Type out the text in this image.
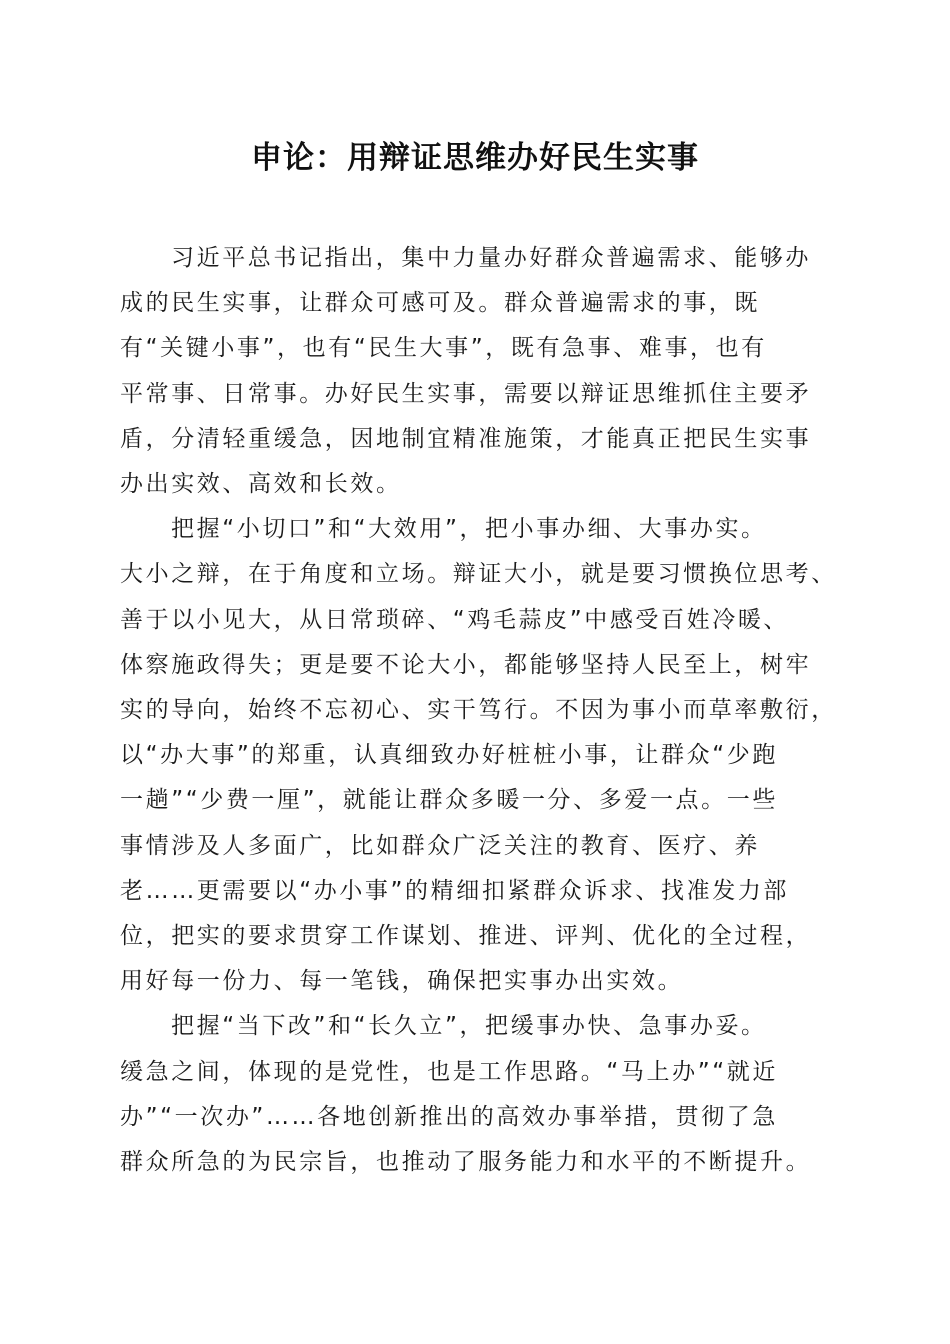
申论：用辩证思维办好民生实事

习近平总书记指出，集中力量办好群众普遍需求、能够办
成的民生实事，让群众可感可及。群众普遍需求的事，既
有“关键小事”，也有“民生大事”，既有急事、难事，也有
平常事、日常事。办好民生实事，需要以辩证思维抓住主要矛
盾，分清轻重缓急，因地制宜精准施策，才能真正把民生实事
办出实效、高效和长效。

把握“小切口”和“大效用”，把小事办细、大事办实。
大小之辩，在于角度和立场。辩证大小，就是要习惯换位思考、
善于以小见大，从日常琐碎、“鸡毛蒜皮”中感受百姓冷暖、
体察施政得失；更是要不论大小，都能够坚持人民至上，树牢
实的导向，始终不忘初心、实干笃行。不因为事小而草率敷衍，
以“办大事”的郑重，认真细致办好桩桩小事，让群众“少跑
一趟”“少费一厘”，就能让群众多暖一分、多爱一点。一些
事情涉及人多面广，比如群众广泛关注的教育、医疗、养
老……更需要以“办小事”的精细扣紧群众诉求、找准发力部
位，把实的要求贯穿工作谋划、推进、评判、优化的全过程，
用好每一份力、每一笔钱，确保把实事办出实效。

把握“当下改”和“长久立”，把缓事办快、急事办妥。
缓急之间，体现的是党性，也是工作思路。“马上办”“就近
办”“一次办”……各地创新推出的高效办事举措，贯彻了急
群众所急的为民宗旨，也推动了服务能力和水平的不断提升。
